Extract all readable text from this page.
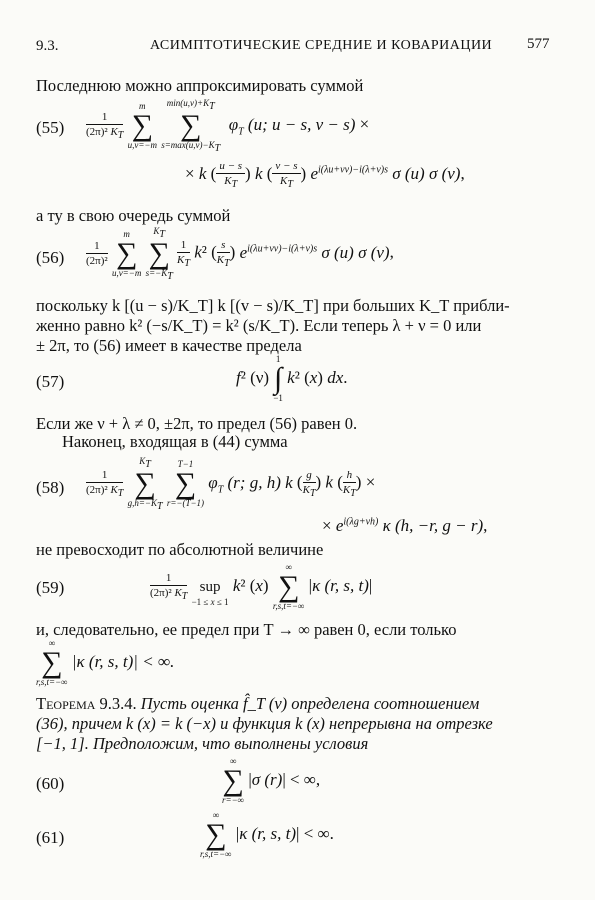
9.3.	АСИМПТОТИЧЕСКИЕ СРЕДНИЕ И КОВАРИАЦИИ 577
Последнюю можно аппроксимировать суммой
$(55) \frac{1}{(2\pi)^2 K_T}$

m
∑
u,v=−m

$\min(u,v)+K_T$
∑
$s=\max(u,v)-K_T$
$\varphi_T$ (u; u − s, v − s) ×
× k ( $\frac{u - s}{K_T}$ ) k ( $\frac{v - s}{K_T}$ ) $e^{i(\lambda u+\nu v)-i(\lambda+\nu)s}$ σ (u) σ (v),
а ту в свою очередь суммой
$(56) \frac{1}{\text{(2π)²}}$

m
∑
u,v=−m

$K_T$
∑
$s=-K_T$

$\frac{1}{K_T} k^2$ ( $\frac{s}{K_T}$ ) $e^{i(\lambda u+\nu v)-i(\lambda+\nu)s}$ σ (u) σ (v),
поскольку k [(u − s)/K_T] k [(v − s)/K_T] при больших K_T прибли-
женно равно k² (−s/K_T) = k² (s/K_T). Если теперь λ + ν = 0 или
± 2π, то (56) имеет в качестве предела
(57)	f² (ν)
1
∫
−1
k² (x) dx.
Если же ν + λ ≠ 0, ±2π, то предел (56) равен 0.
Наконец, входящая в (44) сумма
$(58) \frac{1}{(2\pi)^2 K_T}$

$K_T$
∑
$g,h=-K_T$

T−1
∑
r=−(T−1)
$\varphi_T$ (r; g, h) k ( $\frac{g}{K_T}$ ) k ( $\frac{h}{K_T}$ ) ×
× $e^{i(\lambda g+\nu h)}$ κ (h, −r, g − r),
не превосходит по абсолютной величине
(59)	$\frac{1}{(2\pi)^2 K_T}$

sup
−1 ≤ x ≤ 1
k² (x)
∞
∑
r,s,t=−∞
|κ (r, s, t)|
и, следовательно, ее предел при T → ∞ равен 0, если только
∞
∑
r,s,t=−∞
|κ (r, s, t)| < ∞.
Теорема 9.3.4. Пусть оценка f̂_T (ν) определена соотношением
(36), причем k (x) = k (−x) и функция k (x) непрерывна на отрезке
[−1, 1]. Предположим, что выполнены условия
(60)
∞
∑
r=−∞
|σ (r)| < ∞,
(61)
∞
∑
r,s,t=−∞
|κ (r, s, t)| < ∞.
